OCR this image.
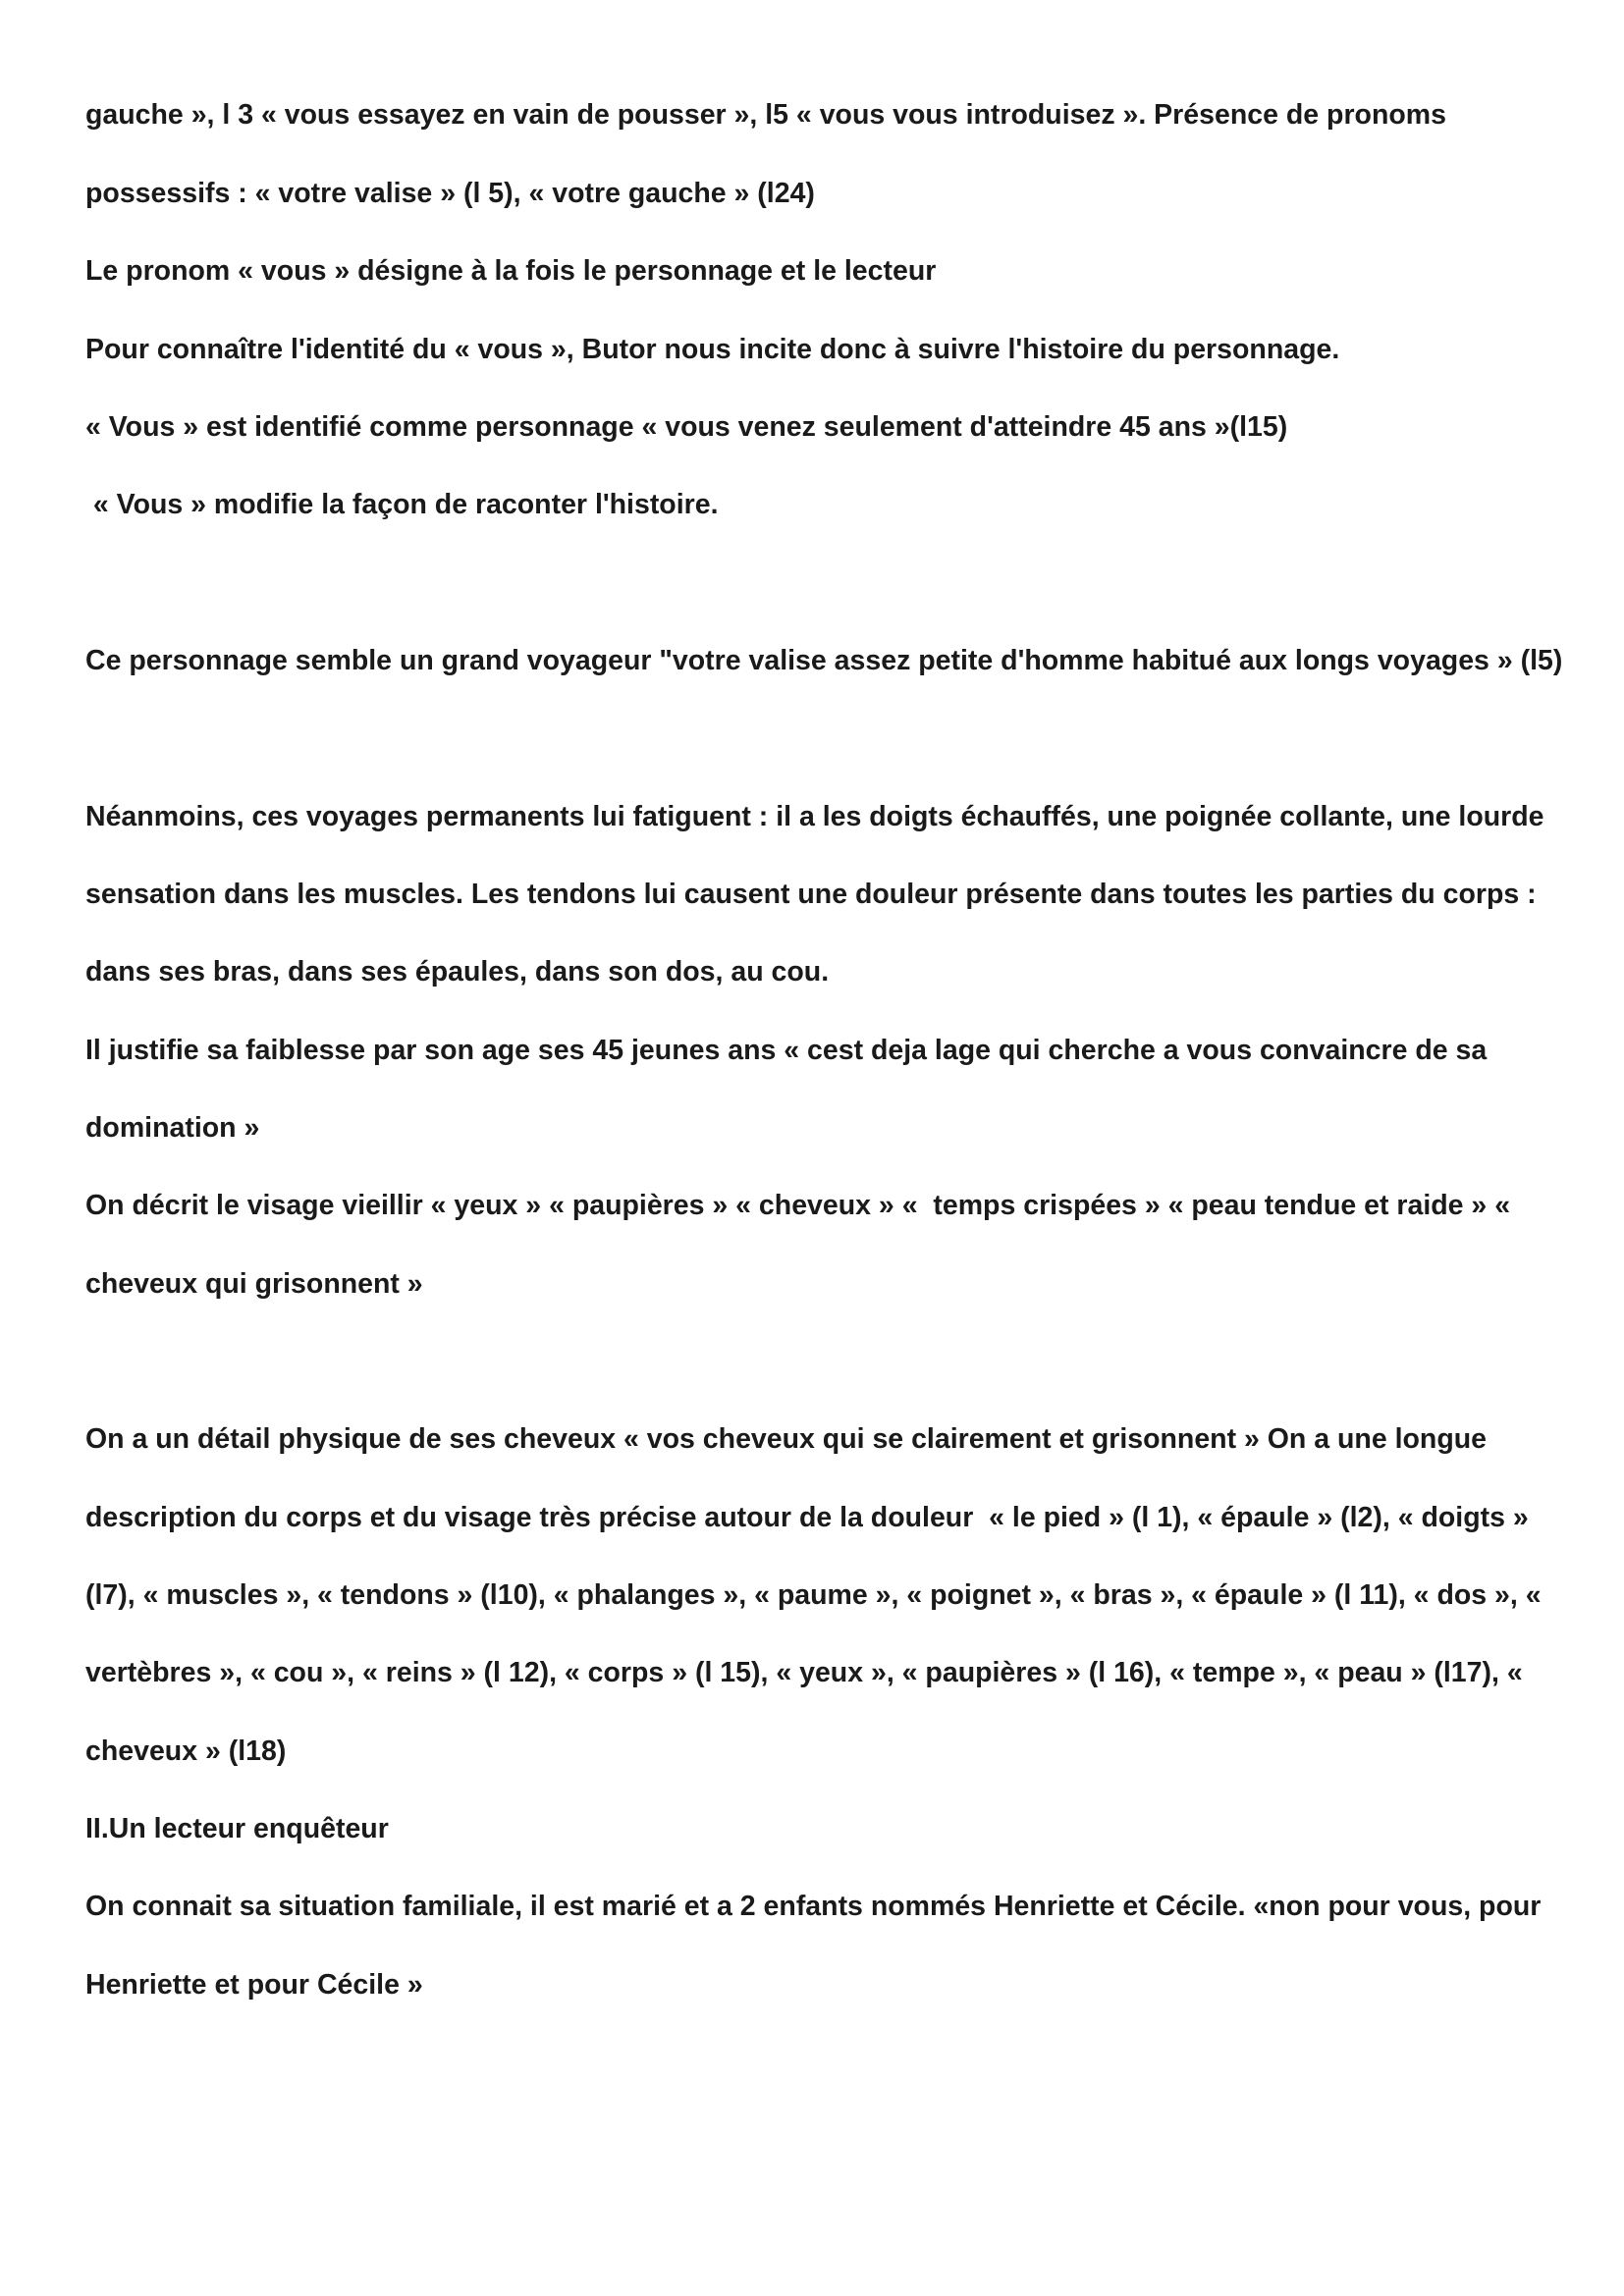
gauche », l 3 « vous essayez en vain de pousser », l5 « vous vous introduisez ». Présence de pronoms

possessifs : « votre valise » (l 5), « votre gauche » (l24)

Le pronom « vous » désigne à la fois le personnage et le lecteur

Pour connaître l'identité du « vous », Butor nous incite donc à suivre l'histoire du personnage.

« Vous » est identifié comme personnage « vous venez seulement d'atteindre 45 ans »(l15)

« Vous » modifie la façon de raconter l'histoire.

Ce personnage semble un grand voyageur "votre valise assez petite d'homme habitué aux longs voyages » (l5)

Néanmoins, ces voyages permanents lui fatiguent : il a les doigts échauffés, une poignée collante, une lourde

sensation dans les muscles. Les tendons lui causent une douleur présente dans toutes les parties du corps :

dans ses bras, dans ses épaules, dans son dos, au cou.

Il justifie sa faiblesse par son age ses 45 jeunes ans « cest deja lage qui cherche a vous convaincre de sa

domination »

On décrit le visage vieillir « yeux » « paupières » « cheveux » «  temps crispées » « peau tendue et raide » «

cheveux qui grisonnent »

On a un détail physique de ses cheveux « vos cheveux qui se clairement et grisonnent » On a une longue

description du corps et du visage très précise autour de la douleur  « le pied » (l 1), « épaule » (l2), « doigts »

(l7), « muscles », « tendons » (l10), « phalanges », « paume », « poignet », « bras », « épaule » (l 11), « dos », «

vertèbres », « cou », « reins » (l 12), « corps » (l 15), « yeux », « paupières » (l 16), « tempe », « peau » (l17), «

cheveux » (l18)

II.Un lecteur enquêteur

On connait sa situation familiale, il est marié et a 2 enfants nommés Henriette et Cécile. «non pour vous, pour

Henriette et pour Cécile »
